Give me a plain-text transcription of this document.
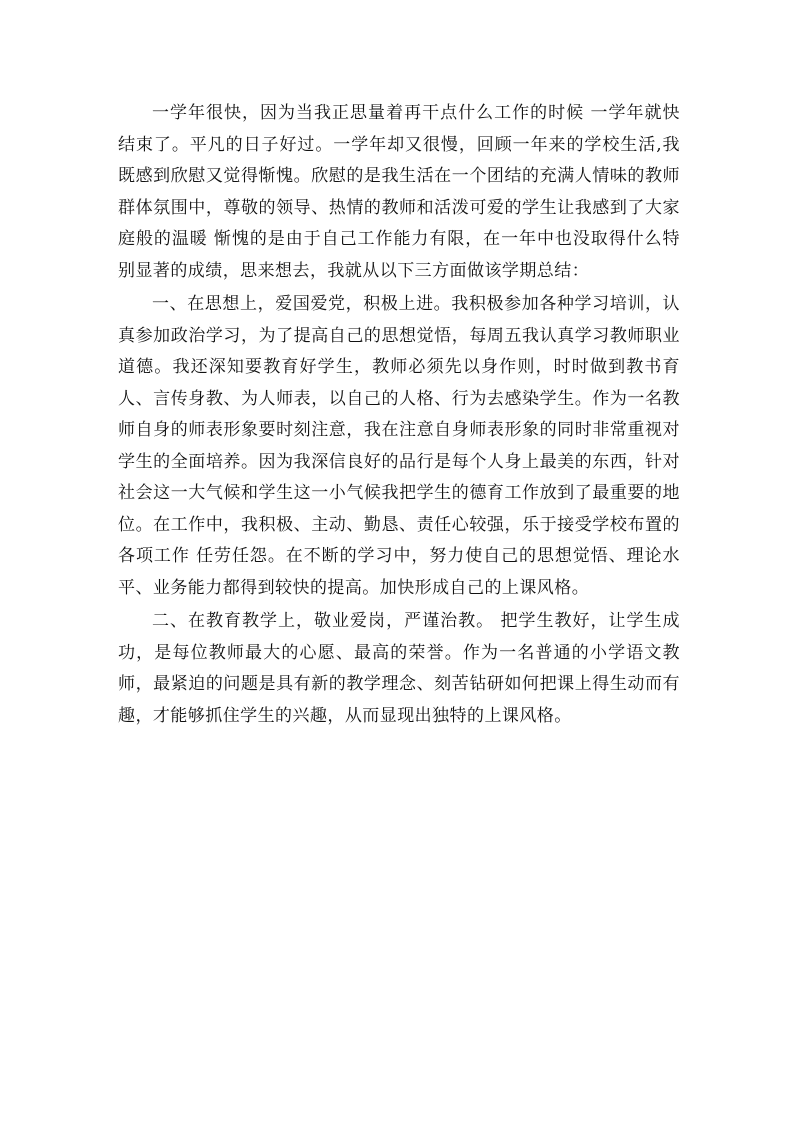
一学年很快，因为当我正思量着再干点什么工作的时候 一学年就快结束了。平凡的日子好过。一学年却又很慢，回顾一年来的学校生活,我既感到欣慰又觉得惭愧。欣慰的是我生活在一个团结的充满人情味的教师群体氛围中，尊敬的领导、热情的教师和活泼可爱的学生让我感到了大家庭般的温暖 惭愧的是由于自己工作能力有限，在一年中也没取得什么特别显著的成绩，思来想去，我就从以下三方面做该学期总结：

一、在思想上，爱国爱党，积极上进。我积极参加各种学习培训，认真参加政治学习，为了提高自己的思想觉悟，每周五我认真学习教师职业道德。我还深知要教育好学生，教师必须先以身作则，时时做到教书育人、言传身教、为人师表，以自己的人格、行为去感染学生。作为一名教师自身的师表形象要时刻注意，我在注意自身师表形象的同时非常重视对学生的全面培养。因为我深信良好的品行是每个人身上最美的东西，针对社会这一大气候和学生这一小气候我把学生的德育工作放到了最重要的地位。在工作中，我积极、主动、勤恳、责任心较强，乐于接受学校布置的各项工作 任劳任怨。在不断的学习中，努力使自己的思想觉悟、理论水平、业务能力都得到较快的提高。加快形成自己的上课风格。

二、在教育教学上，敬业爱岗，严谨治教。 把学生教好，让学生成功，是每位教师最大的心愿、最高的荣誉。作为一名普通的小学语文教师，最紧迫的问题是具有新的教学理念、刻苦钻研如何把课上得生动而有趣，才能够抓住学生的兴趣，从而显现出独特的上课风格。
